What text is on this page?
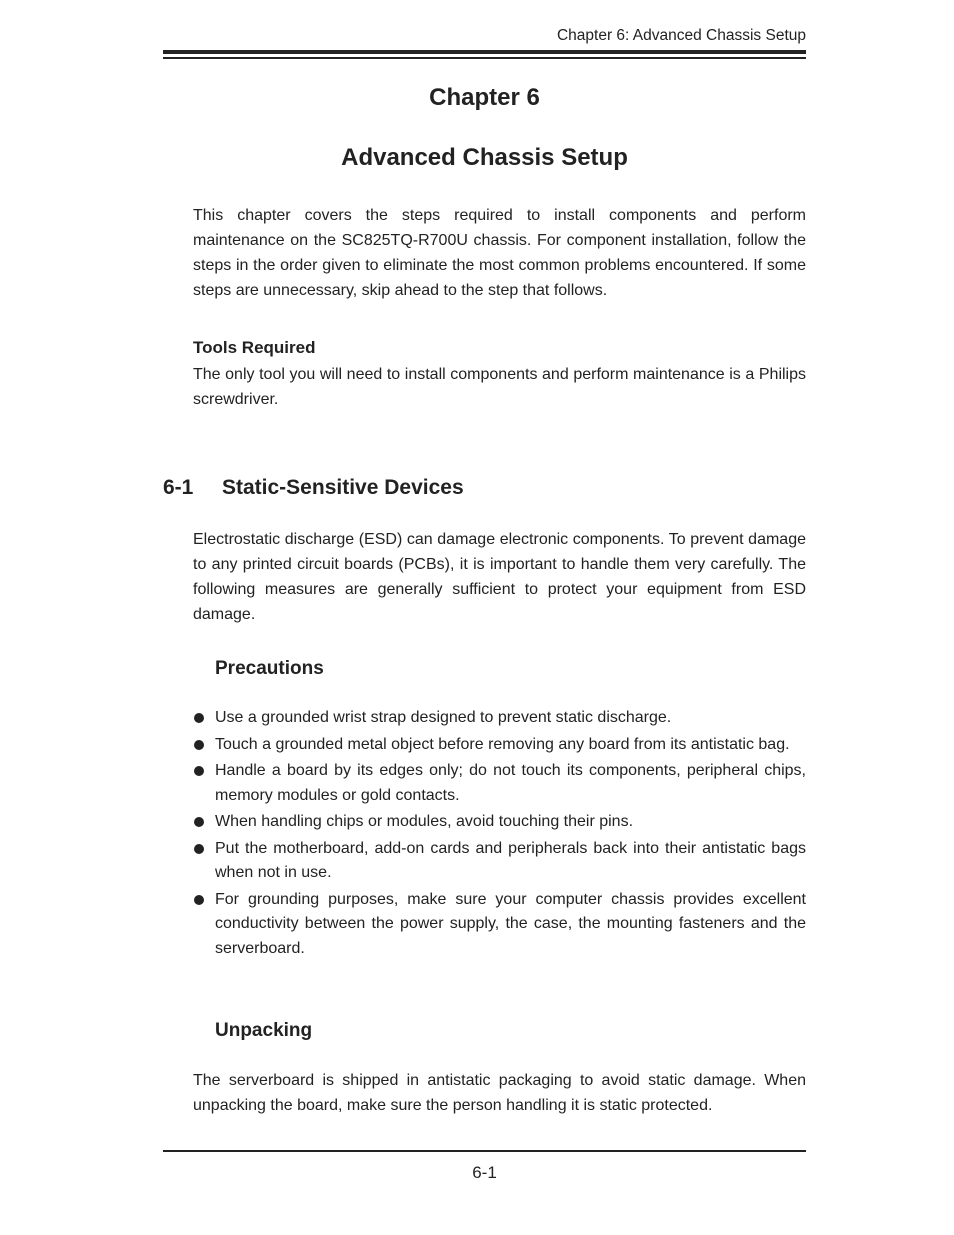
Chapter 6: Advanced Chassis Setup
Chapter 6
Advanced Chassis Setup
This chapter covers the steps required to install components and perform maintenance on the SC825TQ-R700U chassis. For component installation, follow the steps in the order given to eliminate the most common problems encountered. If some steps are unnecessary, skip ahead to the step that follows.
Tools Required
The only tool you will need to install components and perform maintenance is a Philips screwdriver.
6-1 Static-Sensitive Devices
Electrostatic discharge (ESD) can damage electronic components. To prevent damage to any printed circuit boards (PCBs), it is important to handle them very carefully. The following measures are generally sufficient to protect your equipment from ESD damage.
Precautions
Use a grounded wrist strap designed to prevent static discharge.
Touch a grounded metal object before removing any board from its antistatic bag.
Handle a board by its edges only; do not touch its components, peripheral chips, memory modules or gold contacts.
When handling chips or modules, avoid touching their pins.
Put the motherboard, add-on cards and peripherals back into their antistatic bags when not in use.
For grounding purposes, make sure your computer chassis provides excellent conductivity between the power supply, the case, the mounting fasteners and the serverboard.
Unpacking
The serverboard is shipped in antistatic packaging to avoid static damage. When unpacking the board, make sure the person handling it is static protected.
6-1
